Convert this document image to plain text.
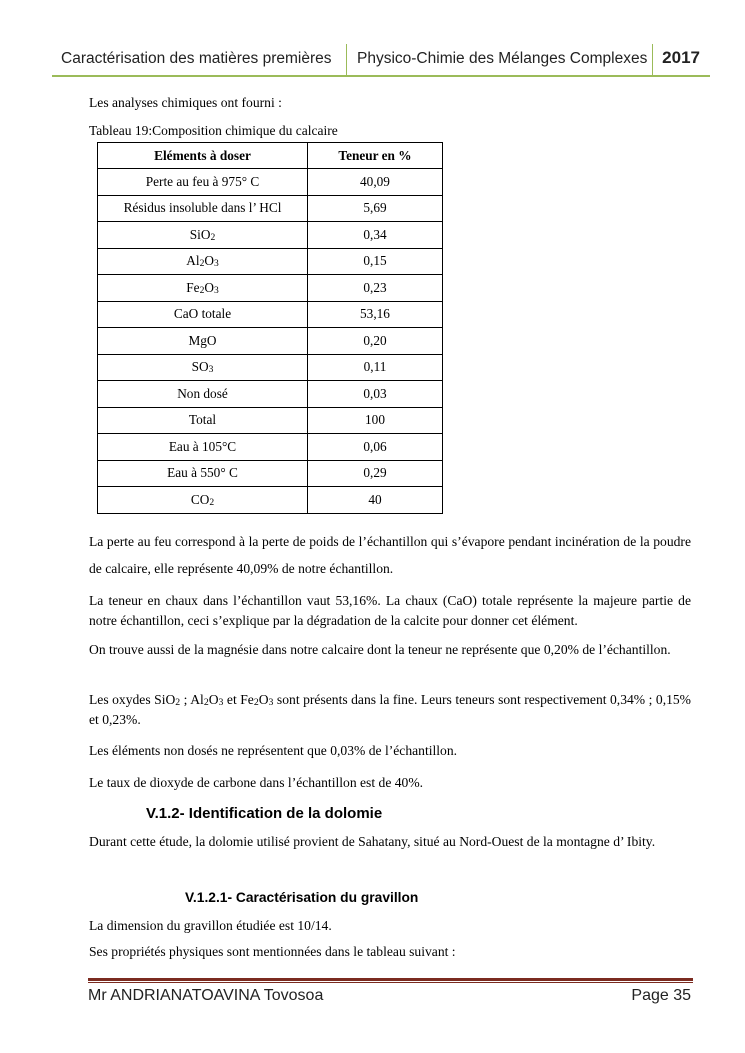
Caractérisation des matières premières Physico-Chimie des Mélanges Complexes 2017
Les analyses chimiques ont fourni :
Tableau 19:Composition chimique du calcaire
Eléments à doser	Teneur en %
Perte au feu à 975° C	40,09
Résidus insoluble dans l’ HCl	5,69
SiO$_2$	0,34
$Al_2O_3$	0,15
$Fe_2O_3$	0,23
CaO totale	53,16
MgO	0,20
$SO_3$	0,11
Non dosé	0,03
Total	100
Eau à 105°C	0,06
Eau à 550° C	0,29
$CO_2$	40
La perte au feu correspond à la perte de poids de l’échantillon qui s’évapore pendant incinération de la poudre de calcaire, elle représente 40,09% de notre échantillon.
La teneur en chaux dans l’échantillon vaut 53,16%. La chaux (CaO) totale représente la majeure partie de notre échantillon, ceci s’explique par la dégradation de la calcite pour donner cet élément.
On trouve aussi de la magnésie dans notre calcaire dont la teneur ne représente que 0,20% de l’échantillon.
Les oxydes SiO$_2$ ; $Al_2O_3$ et $Fe_2O_3$ sont présents dans la fine. Leurs teneurs sont respectivement 0,34% ; 0,15% et 0,23%.
Les éléments non dosés ne représentent que 0,03% de l’échantillon.
Le taux de dioxyde de carbone dans l’échantillon est de 40%.
V.1.2- Identification de la dolomie
Durant cette étude, la dolomie utilisé provient de Sahatany, situé au Nord-Ouest de la montagne d’ Ibity.
V.1.2.1- Caractérisation du gravillon
La dimension du gravillon étudiée est 10/14.
Ses propriétés physiques sont mentionnées dans le tableau suivant :
Mr ANDRIANATOAVINA Tovosoa	Page 35
